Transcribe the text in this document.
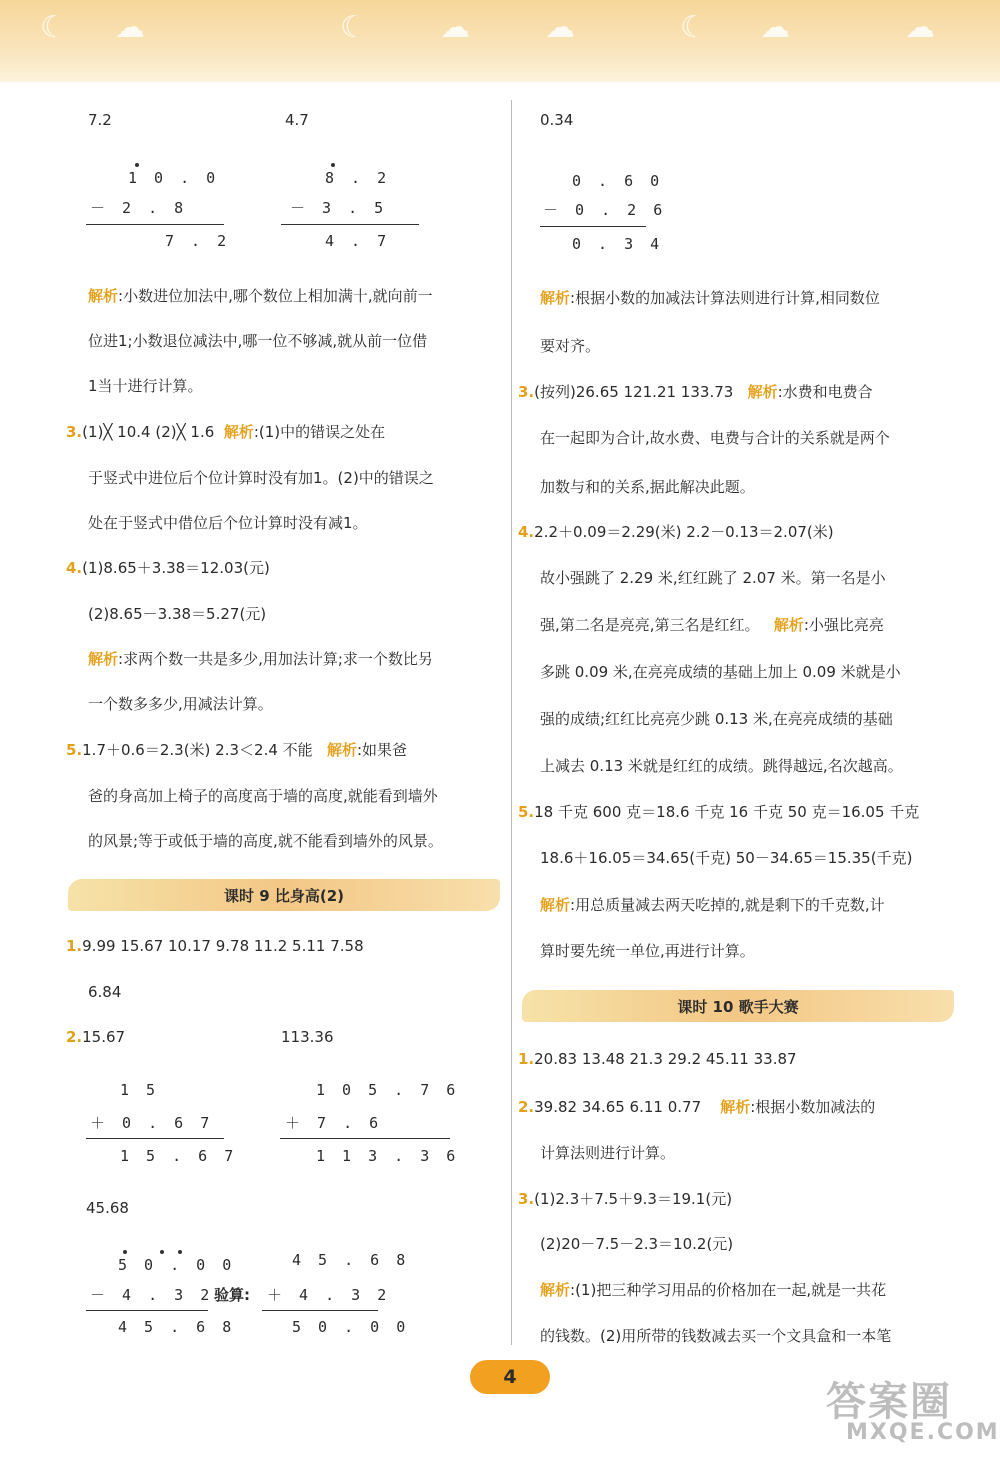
☾ ☁	☾ ☁	☁	☾ ☁	☁
7.2	4.7
1 0 . 0
－ 2 . 8
7 . 2
8 . 2
－ 3 . 5
4 . 7
解析:小数进位加法中,哪个数位上相加满十,就向前一
位进1;小数退位减法中,哪一位不够减,就从前一位借
1当十进行计算。
3.(1)╳ 10.4 (2)╳ 1.6 解析:(1)中的错误之处在
于竖式中进位后个位计算时没有加1。(2)中的错误之
处在于竖式中借位后个位计算时没有减1。
4.(1)8.65＋3.38＝12.03(元)
(2)8.65－3.38＝5.27(元)
解析:求两个数一共是多少,用加法计算;求一个数比另
一个数多多少,用减法计算。
5.1.7＋0.6＝2.3(米) 2.3＜2.4 不能 解析:如果爸
爸的身高加上椅子的高度高于墙的高度,就能看到墙外
的风景;等于或低于墙的高度,就不能看到墙外的风景。
课时 9 比身高(2)
1.9.99 15.67 10.17 9.78 11.2 5.11 7.58
6.84
2.15.67	113.36
1 5
＋ 0 . 6 7
1 5 . 6 7
1 0 5 . 7 6
＋ 7 . 6
1 1 3 . 3 6
45.68
5 0 . 0 0
－ 4 . 3 2
4 5 . 6 8
验算:
4 5 . 6 8
＋ 4 . 3 2
5 0 . 0 0
0.34
0 . 6 0
－ 0 . 2 6
0 . 3 4
解析:根据小数的加减法计算法则进行计算,相同数位
要对齐。
3.(按列)26.65 121.21 133.73 解析:水费和电费合
在一起即为合计,故水费、电费与合计的关系就是两个
加数与和的关系,据此解决此题。
4.2.2＋0.09＝2.29(米) 2.2－0.13＝2.07(米)
故小强跳了 2.29 米,红红跳了 2.07 米。第一名是小
强,第二名是亮亮,第三名是红红。 解析:小强比亮亮
多跳 0.09 米,在亮亮成绩的基础上加上 0.09 米就是小
强的成绩;红红比亮亮少跳 0.13 米,在亮亮成绩的基础
上减去 0.13 米就是红红的成绩。跳得越远,名次越高。
5.18 千克 600 克＝18.6 千克 16 千克 50 克＝16.05 千克
18.6＋16.05＝34.65(千克) 50－34.65＝15.35(千克)
解析:用总质量减去两天吃掉的,就是剩下的千克数,计
算时要先统一单位,再进行计算。
课时 10 歌手大赛
1.20.83 13.48 21.3 29.2 45.11 33.87
2.39.82 34.65 6.11 0.77 解析:根据小数加减法的
计算法则进行计算。
3.(1)2.3＋7.5＋9.3＝19.1(元)
(2)20－7.5－2.3＝10.2(元)
解析:(1)把三种学习用品的价格加在一起,就是一共花
的钱数。(2)用所带的钱数减去买一个文具盒和一本笔
4
答案圈
MXQE.COM
